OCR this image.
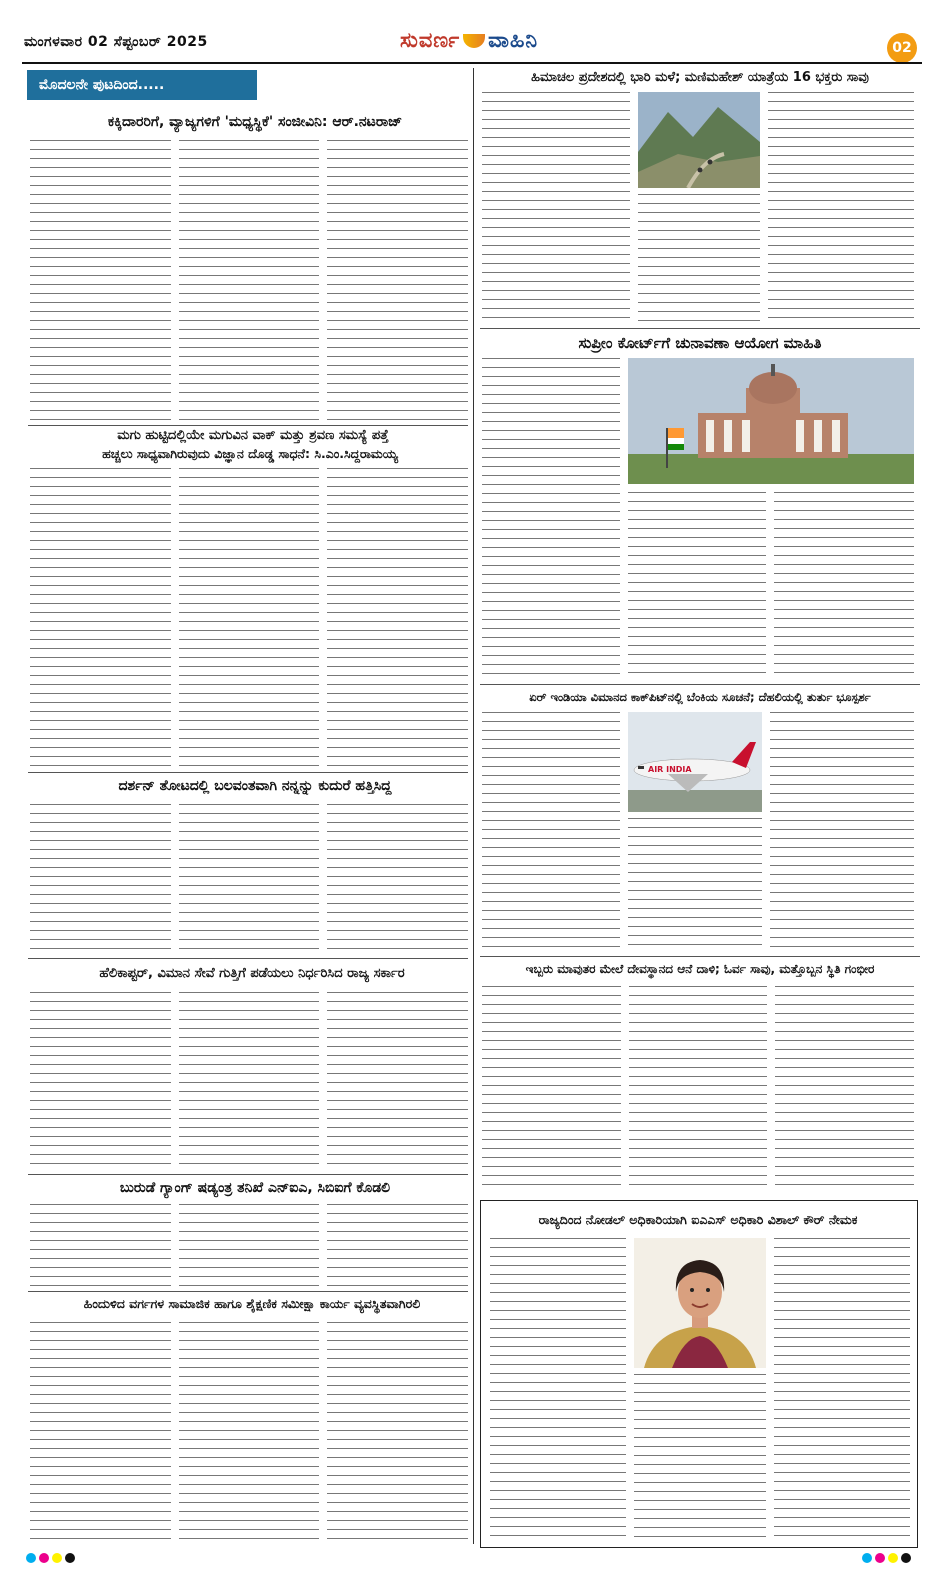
ಮಂಗಳವಾರ 02 ಸೆಪ್ಟಂಬರ್ 2025	ಸುವರ್ಣ ವಾಹಿನಿ	02
ಮೊದಲನೇ ಪುಟದಿಂದ.....
ಕಕ್ಕಿದಾರರಿಗೆ, ವ್ಯಾಜ್ಯಗಳಿಗೆ 'ಮಧ್ಯಸ್ಥಿಕೆ' ಸಂಜೀವಿನಿ: ಆರ್.ನಟರಾಜ್
ಮಗು ಹುಟ್ಟಿದಲ್ಲಿಯೇ ಮಗುವಿನ ವಾಕ್ ಮತ್ತು ಶ್ರವಣ ಸಮಸ್ಯೆ ಪತ್ತೆ
ಹಚ್ಚಲು ಸಾಧ್ಯವಾಗಿರುವುದು ವಿಜ್ಞಾನ ದೊಡ್ಡ ಸಾಧನೆ: ಸಿ.ಎಂ.ಸಿದ್ದರಾಮಯ್ಯ
ದರ್ಶನ್ ತೋಟದಲ್ಲಿ ಬಲವಂತವಾಗಿ ನನ್ನನ್ನು ಕುದುರೆ ಹತ್ತಿಸಿದ್ದ
ಹೆಲಿಕಾಪ್ಟರ್, ವಿಮಾನ ಸೇವೆ ಗುತ್ತಿಗೆ ಪಡೆಯಲು ನಿರ್ಧರಿಸಿದ ರಾಜ್ಯ ಸರ್ಕಾರ
ಬುರುಡೆ ಗ್ಯಾಂಗ್ ಷಡ್ಯಂತ್ರ ತನಿಖೆ ಎನ್‌ಐಎ, ಸಿಬಿಐಗೆ ಕೊಡಲಿ
ಹಿಂದುಳಿದ ವರ್ಗಗಳ ಸಾಮಾಜಿಕ ಹಾಗೂ ಶೈಕ್ಷಣಿಕ ಸಮೀಕ್ಷಾ ಕಾರ್ಯ ವ್ಯವಸ್ಥಿತವಾಗಿರಲಿ
ಹಿಮಾಚಲ ಪ್ರದೇಶದಲ್ಲಿ ಭಾರಿ ಮಳೆ; ಮಣಿಮಹೇಶ್ ಯಾತ್ರೆಯ 16 ಭಕ್ತರು ಸಾವು
ಸುಪ್ರೀಂ ಕೋರ್ಟ್‌ಗೆ ಚುನಾವಣಾ ಆಯೋಗ ಮಾಹಿತಿ
ಏರ್ ಇಂಡಿಯಾ ವಿಮಾನದ ಕಾಕ್‌ಪಿಟ್‌ನಲ್ಲಿ ಬೆಂಕಿಯ ಸೂಚನೆ; ದೆಹಲಿಯಲ್ಲಿ ತುರ್ತು ಭೂಸ್ಪರ್ಶ
AIR INDIA
ಇಬ್ಬರು ಮಾವುತರ ಮೇಲೆ ದೇವಸ್ಥಾನದ ಆನೆ ದಾಳಿ; ಓರ್ವ ಸಾವು, ಮತ್ತೊಬ್ಬನ ಸ್ಥಿತಿ ಗಂಭೀರ
ರಾಜ್ಯದಿಂದ ನೋಡಲ್ ಅಧಿಕಾರಿಯಾಗಿ ಐಎಎಸ್ ಅಧಿಕಾರಿ ವಿಶಾಲ್ ಕೌರ್ ನೇಮಕ
